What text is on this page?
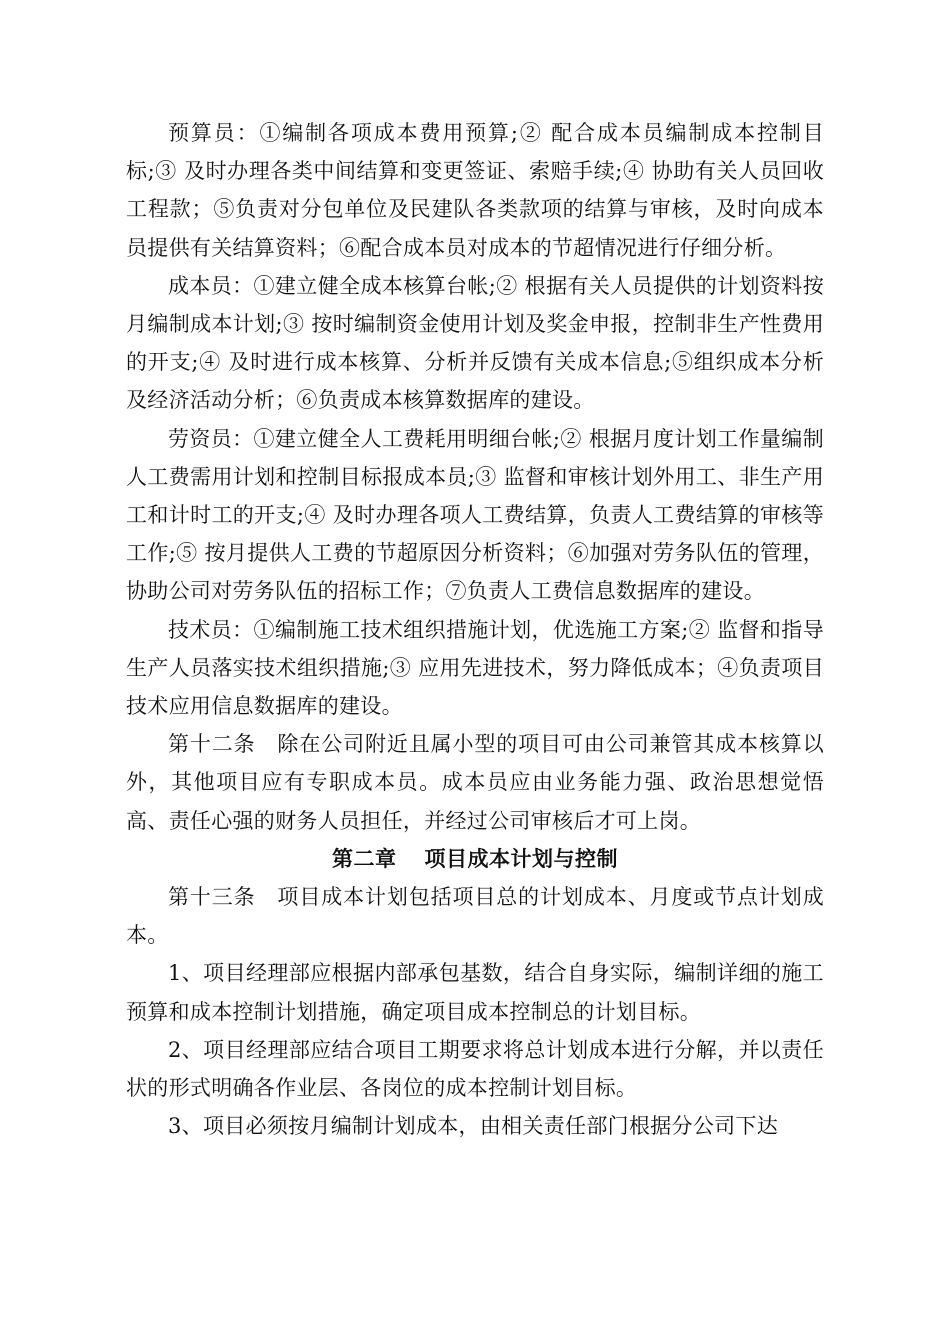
预算员：①编制各项成本费用预算;② 配合成本员编制成本控制目标;③ 及时办理各类中间结算和变更签证、索赔手续;④ 协助有关人员回收工程款；⑤负责对分包单位及民建队各类款项的结算与审核，及时向成本员提供有关结算资料；⑥配合成本员对成本的节超情况进行仔细分析。

成本员：①建立健全成本核算台帐;② 根据有关人员提供的计划资料按月编制成本计划;③ 按时编制资金使用计划及奖金申报，控制非生产性费用的开支;④ 及时进行成本核算、分析并反馈有关成本信息;⑤组织成本分析及经济活动分析；⑥负责成本核算数据库的建设。

劳资员：①建立健全人工费耗用明细台帐;② 根据月度计划工作量编制人工费需用计划和控制目标报成本员;③ 监督和审核计划外用工、非生产用工和计时工的开支;④ 及时办理各项人工费结算，负责人工费结算的审核等工作;⑤ 按月提供人工费的节超原因分析资料；⑥加强对劳务队伍的管理，协助公司对劳务队伍的招标工作；⑦负责人工费信息数据库的建设。

技术员：①编制施工技术组织措施计划，优选施工方案;② 监督和指导生产人员落实技术组织措施;③ 应用先进技术，努力降低成本；④负责项目技术应用信息数据库的建设。

第十二条　除在公司附近且属小型的项目可由公司兼管其成本核算以外，其他项目应有专职成本员。成本员应由业务能力强、政治思想觉悟高、责任心强的财务人员担任，并经过公司审核后才可上岗。

第二章 项目成本计划与控制

第十三条　项目成本计划包括项目总的计划成本、月度或节点计划成本。

1、项目经理部应根据内部承包基数，结合自身实际，编制详细的施工预算和成本控制计划措施，确定项目成本控制总的计划目标。

2、项目经理部应结合项目工期要求将总计划成本进行分解，并以责任状的形式明确各作业层、各岗位的成本控制计划目标。

3、项目必须按月编制计划成本，由相关责任部门根据分公司下达
